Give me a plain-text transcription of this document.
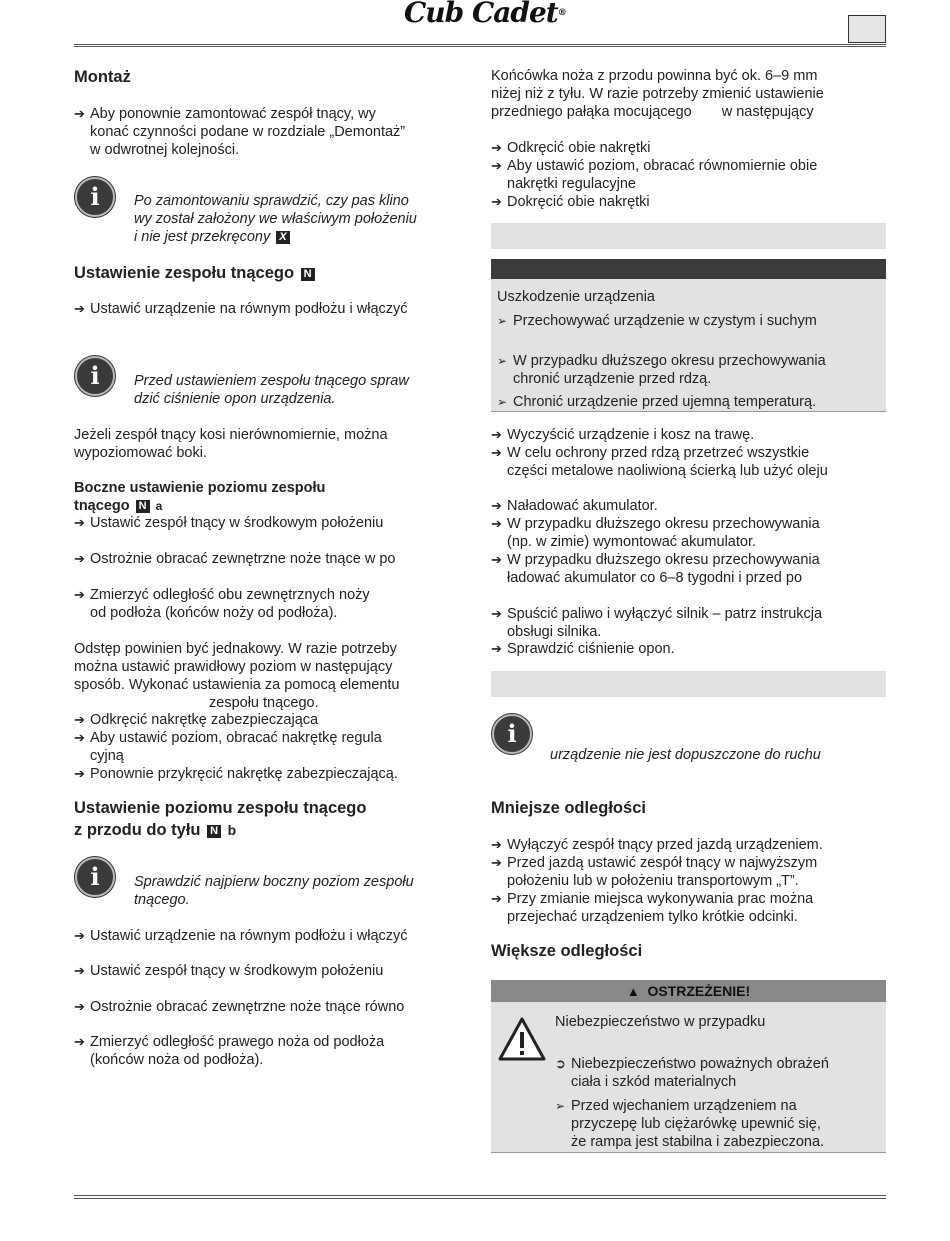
Cub Cadet®
Montaż
➔ Aby ponownie zamontować zespół tnący, wy
konać czynności podane w rozdziale „Demontaż”
w odwrotnej kolejności.
i	Po zamontowaniu sprawdzić, czy pas klino
wy został założony we właściwym położeniu
i nie jest przekręcony X
Ustawienie zespołu tnącego N
➔ Ustawić urządzenie na równym podłożu i włączyć
i	Przed ustawieniem zespołu tnącego spraw
dzić ciśnienie opon urządzenia.
Jeżeli zespół tnący kosi nierównomiernie, można
wypoziomować boki.
Boczne ustawienie poziomu zespołu
tnącego N a
➔ Ustawić zespół tnący w środkowym położeniu
➔ Ostrożnie obracać zewnętrzne noże tnące w po
➔ Zmierzyć odległość obu zewnętrznych noży
od podłoża (końców noży od podłoża).
Odstęp powinien być jednakowy. W razie potrzeby
można ustawić prawidłowy poziom w następujący
sposób. Wykonać ustawienia za pomocą elementu
zespołu tnącego.
➔ Odkręcić nakrętkę zabezpieczająca
➔ Aby ustawić poziom, obracać nakrętkę regula
cyjną
➔ Ponownie przykręcić nakrętkę zabezpieczającą.
Ustawienie poziomu zespołu tnącego
z przodu do tyłu N b
i	Sprawdzić najpierw boczny poziom zespołu
tnącego.
➔ Ustawić urządzenie na równym podłożu i włączyć
➔ Ustawić zespół tnący w środkowym położeniu
➔ Ostrożnie obracać zewnętrzne noże tnące równo
➔ Zmierzyć odległość prawego noża od podłoża
(końców noża od podłoża).
Końcówka noża z przodu powinna być ok. 6–9 mm
niżej niż z tyłu. W razie potrzeby zmienić ustawienie
przedniego pałąka mocującego w następujący
➔ Odkręcić obie nakrętki
➔ Aby ustawić poziom, obracać równomiernie obie
nakrętki regulacyjne
➔ Dokręcić obie nakrętki
Uszkodzenie urządzenia
➢ Przechowywać urządzenie w czystym i suchym
➢ W przypadku dłuższego okresu przechowywania
chronić urządzenie przed rdzą.
➢ Chronić urządzenie przed ujemną temperaturą.
➔ Wyczyścić urządzenie i kosz na trawę.
➔ W celu ochrony przed rdzą przetrzeć wszystkie
części metalowe naoliwioną ścierką lub użyć oleju
➔ Naładować akumulator.
➔ W przypadku dłuższego okresu przechowywania
(np. w zimie) wymontować akumulator.
➔ W przypadku dłuższego okresu przechowywania
ładować akumulator co 6–8 tygodni i przed po
➔ Spuścić paliwo i wyłączyć silnik – patrz instrukcja
obsługi silnika.
➔ Sprawdzić ciśnienie opon.
i
urządzenie nie jest dopuszczone do ruchu
Mniejsze odległości
➔ Wyłączyć zespół tnący przed jazdą urządzeniem.
➔ Przed jazdą ustawić zespół tnący w najwyższym
położeniu lub w położeniu transportowym „T”.
➔ Przy zmianie miejsca wykonywania prac można
przejechać urządzeniem tylko krótkie odcinki.
Większe odległości
▲ OSTRZEŻENIE!
Niebezpieczeństwo w przypadku
➲ Niebezpieczeństwo poważnych obrażeń
ciała i szkód materialnych
➢ Przed wjechaniem urządzeniem na
przyczepę lub ciężarówkę upewnić się,
że rampa jest stabilna i zabezpieczona.
